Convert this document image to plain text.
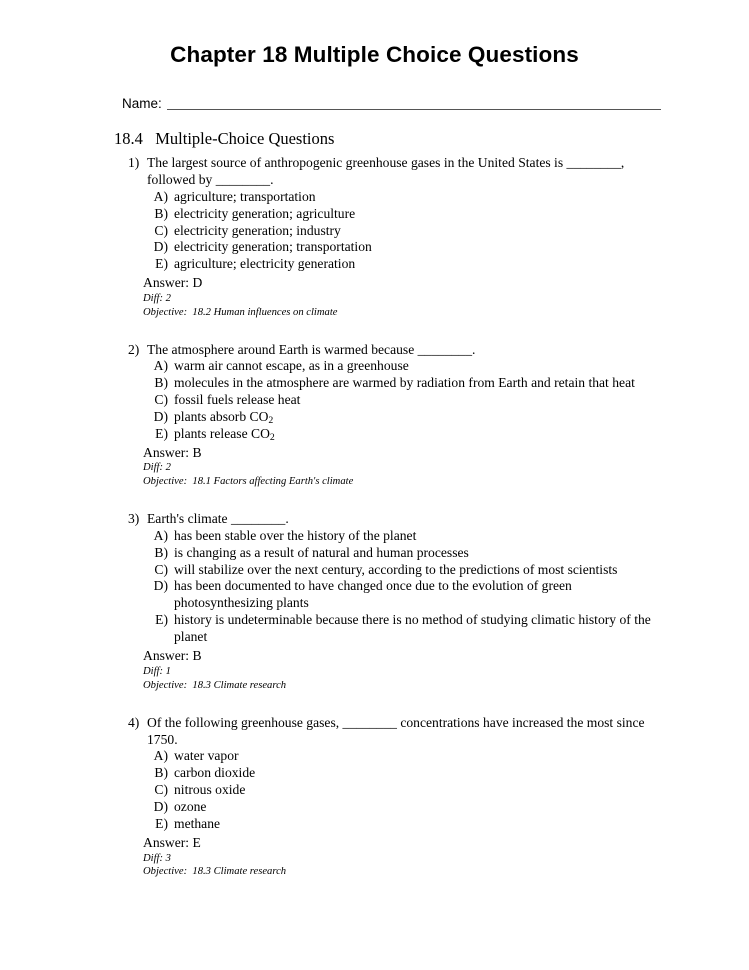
Chapter 18 Multiple Choice Questions
Name:
18.4   Multiple-Choice Questions
1) The largest source of anthropogenic greenhouse gases in the United States is ________, followed by ________.
A) agriculture; transportation
B) electricity generation; agriculture
C) electricity generation; industry
D) electricity generation; transportation
E) agriculture; electricity generation
Answer: D
Diff: 2
Objective:  18.2 Human influences on climate
2) The atmosphere around Earth is warmed because ________.
A) warm air cannot escape, as in a greenhouse
B) molecules in the atmosphere are warmed by radiation from Earth and retain that heat
C) fossil fuels release heat
D) plants absorb $CO_2$
E) plants release $CO_2$
Answer: B
Diff: 2
Objective:  18.1 Factors affecting Earth's climate
3) Earth's climate ________.
A) has been stable over the history of the planet
B) is changing as a result of natural and human processes
C) will stabilize over the next century, according to the predictions of most scientists
D) has been documented to have changed once due to the evolution of green photosynthesizing plants
E) history is undeterminable because there is no method of studying climatic history of the planet
Answer: B
Diff: 1
Objective:  18.3 Climate research
4) Of the following greenhouse gases, ________ concentrations have increased the most since 1750.
A) water vapor
B) carbon dioxide
C) nitrous oxide
D) ozone
E) methane
Answer: E
Diff: 3
Objective:  18.3 Climate research
